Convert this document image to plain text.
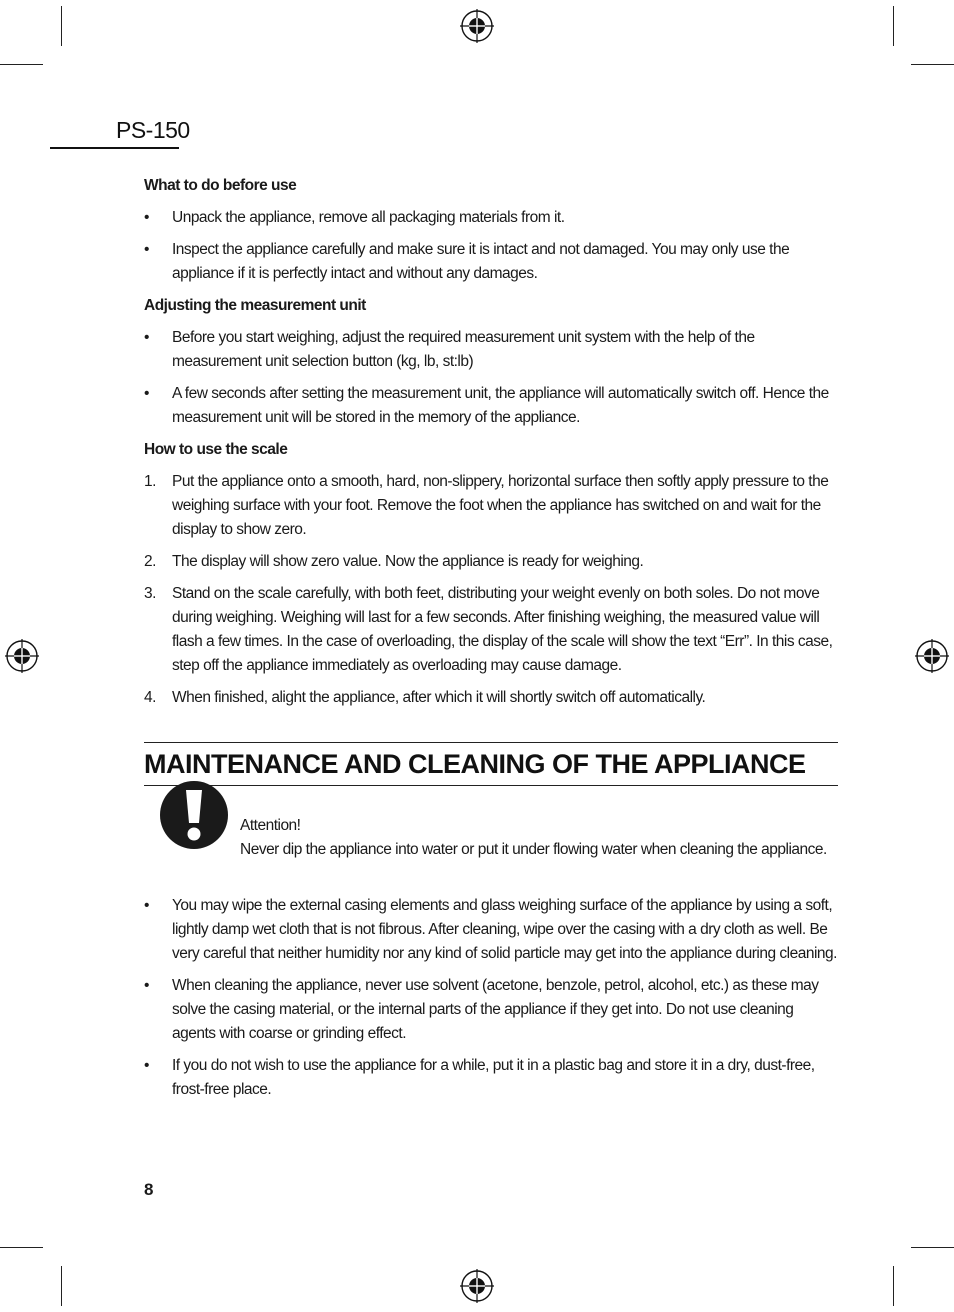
PS-150
What to do before use
• Unpack the appliance, remove all packaging materials from it.
• Inspect the appliance carefully and make sure it is intact and not damaged. You may only use the appliance if it is perfectly intact and without any damages.
Adjusting the measurement unit
• Before you start weighing, adjust the required measurement unit system with the help of the measurement unit selection button (kg, lb, st:lb)
• A few seconds after setting the measurement unit, the appliance will automatically switch off. Hence the measurement unit will be stored in the memory of the appliance.
How to use the scale
1. Put the appliance onto a smooth, hard, non-slippery, horizontal surface then softly apply pressure to the weighing surface with your foot. Remove the foot when the appliance has switched on and wait for the display to show zero.
2. The display will show zero value. Now the appliance is ready for weighing.
3. Stand on the scale carefully, with both feet, distributing your weight evenly on both soles. Do not move during weighing. Weighing will last for a few seconds. After finishing weighing, the measured value will flash a few times. In the case of overloading, the display of the scale will show the text “Err”. In this case, step off the appliance immediately as overloading may cause damage.
4. When finished, alight the appliance, after which it will shortly switch off automatically.
MAINTENANCE AND CLEANING OF THE APPLIANCE
Attention!
Never dip the appliance into water or put it under flowing water when cleaning the appliance.
• You may wipe the external casing elements and glass weighing surface of the appliance by using a soft, lightly damp wet cloth that is not fibrous. After cleaning, wipe over the casing with a dry cloth as well. Be very careful that neither humidity nor any kind of solid particle may get into the appliance during cleaning.
• When cleaning the appliance, never use solvent (acetone, benzole, petrol, alcohol, etc.) as these may solve the casing material, or the internal parts of the appliance if they get into. Do not use cleaning agents with coarse or grinding effect.
• If you do not wish to use the appliance for a while, put it in a plastic bag and store it in a dry, dust-free, frost-free place.
8
